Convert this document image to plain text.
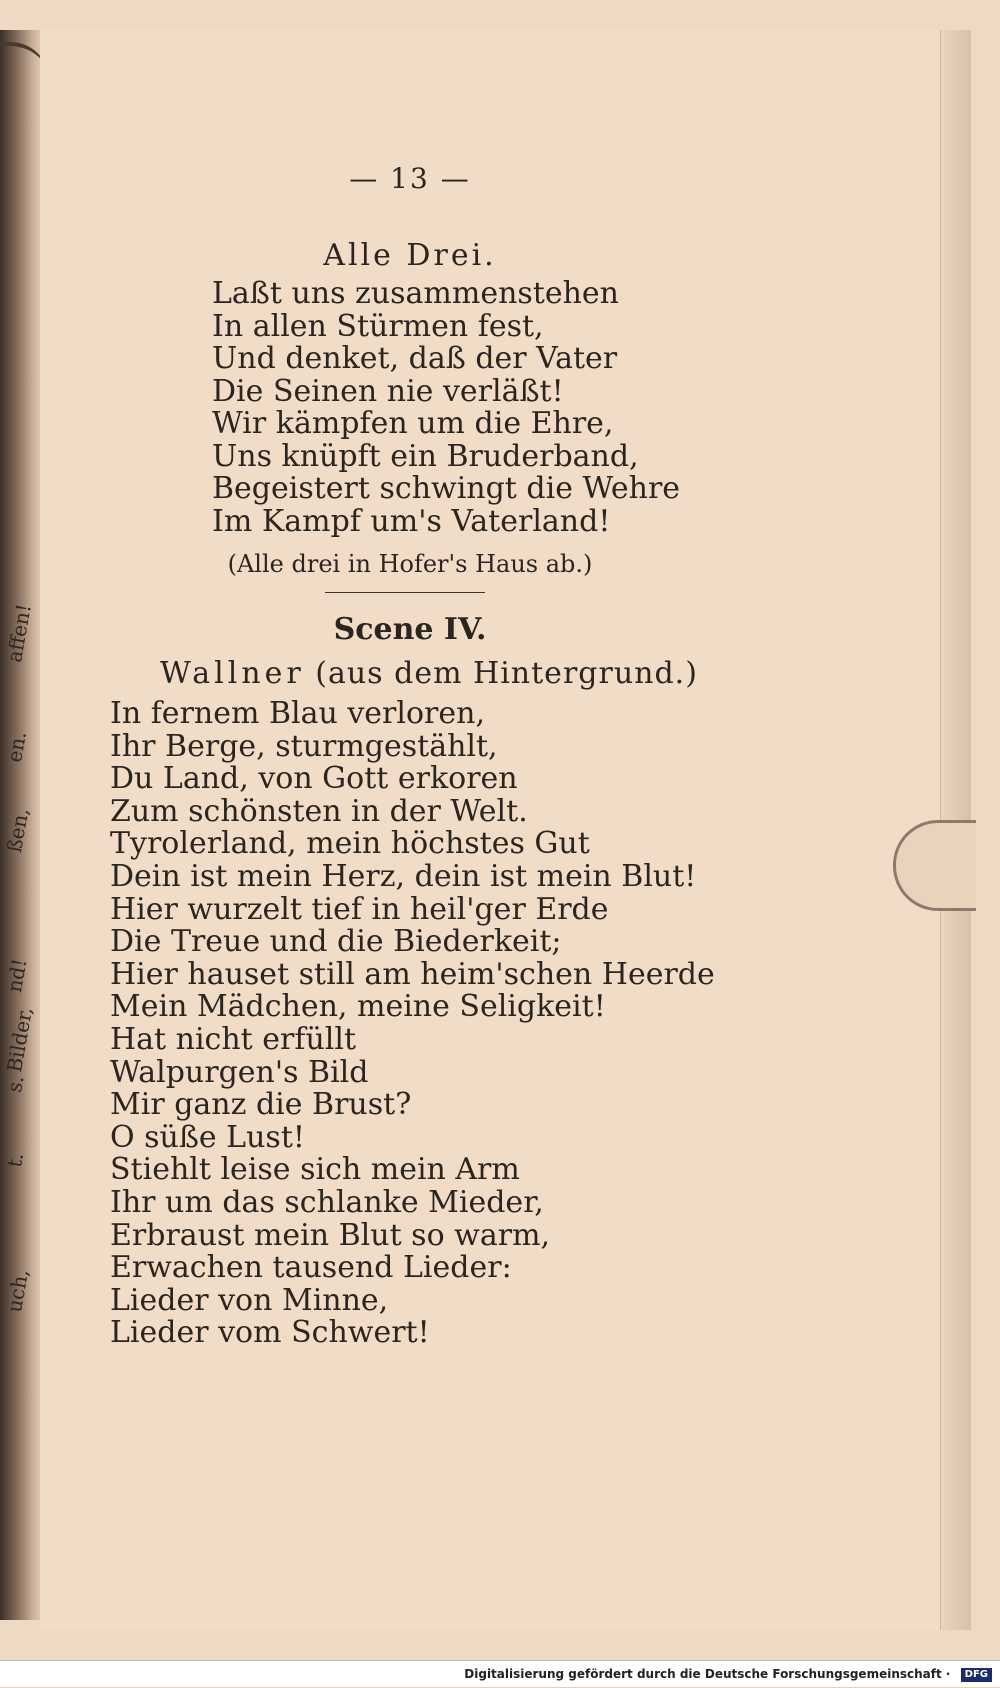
affen!
en.
ßen,
nd!
Bilder,
s.
t.
uch,
— 13 —
Alle Drei.
Laßt uns zusammenstehen
In allen Stürmen fest,
Und denket, daß der Vater
Die Seinen nie verläßt!
Wir kämpfen um die Ehre,
Uns knüpft ein Bruderband,
Begeistert schwingt die Wehre
Im Kampf um's Vaterland!
(Alle drei in Hofer's Haus ab.)
Scene IV.
Wallner (aus dem Hintergrund.)
In fernem Blau verloren,
Ihr Berge, sturmgestählt,
Du Land, von Gott erkoren
Zum schönsten in der Welt.
Tyrolerland, mein höchstes Gut
Dein ist mein Herz, dein ist mein Blut!
Hier wurzelt tief in heil'ger Erde
Die Treue und die Biederkeit;
Hier hauset still am heim'schen Heerde
Mein Mädchen, meine Seligkeit!
Hat nicht erfüllt
Walpurgen's Bild
Mir ganz die Brust?
O süße Lust!
Stiehlt leise sich mein Arm
Ihr um das schlanke Mieder,
Erbraust mein Blut so warm,
Erwachen tausend Lieder:
Lieder von Minne,
Lieder vom Schwert!
Digitalisierung gefördert durch die Deutsche Forschungsgemeinschaft · DFG
